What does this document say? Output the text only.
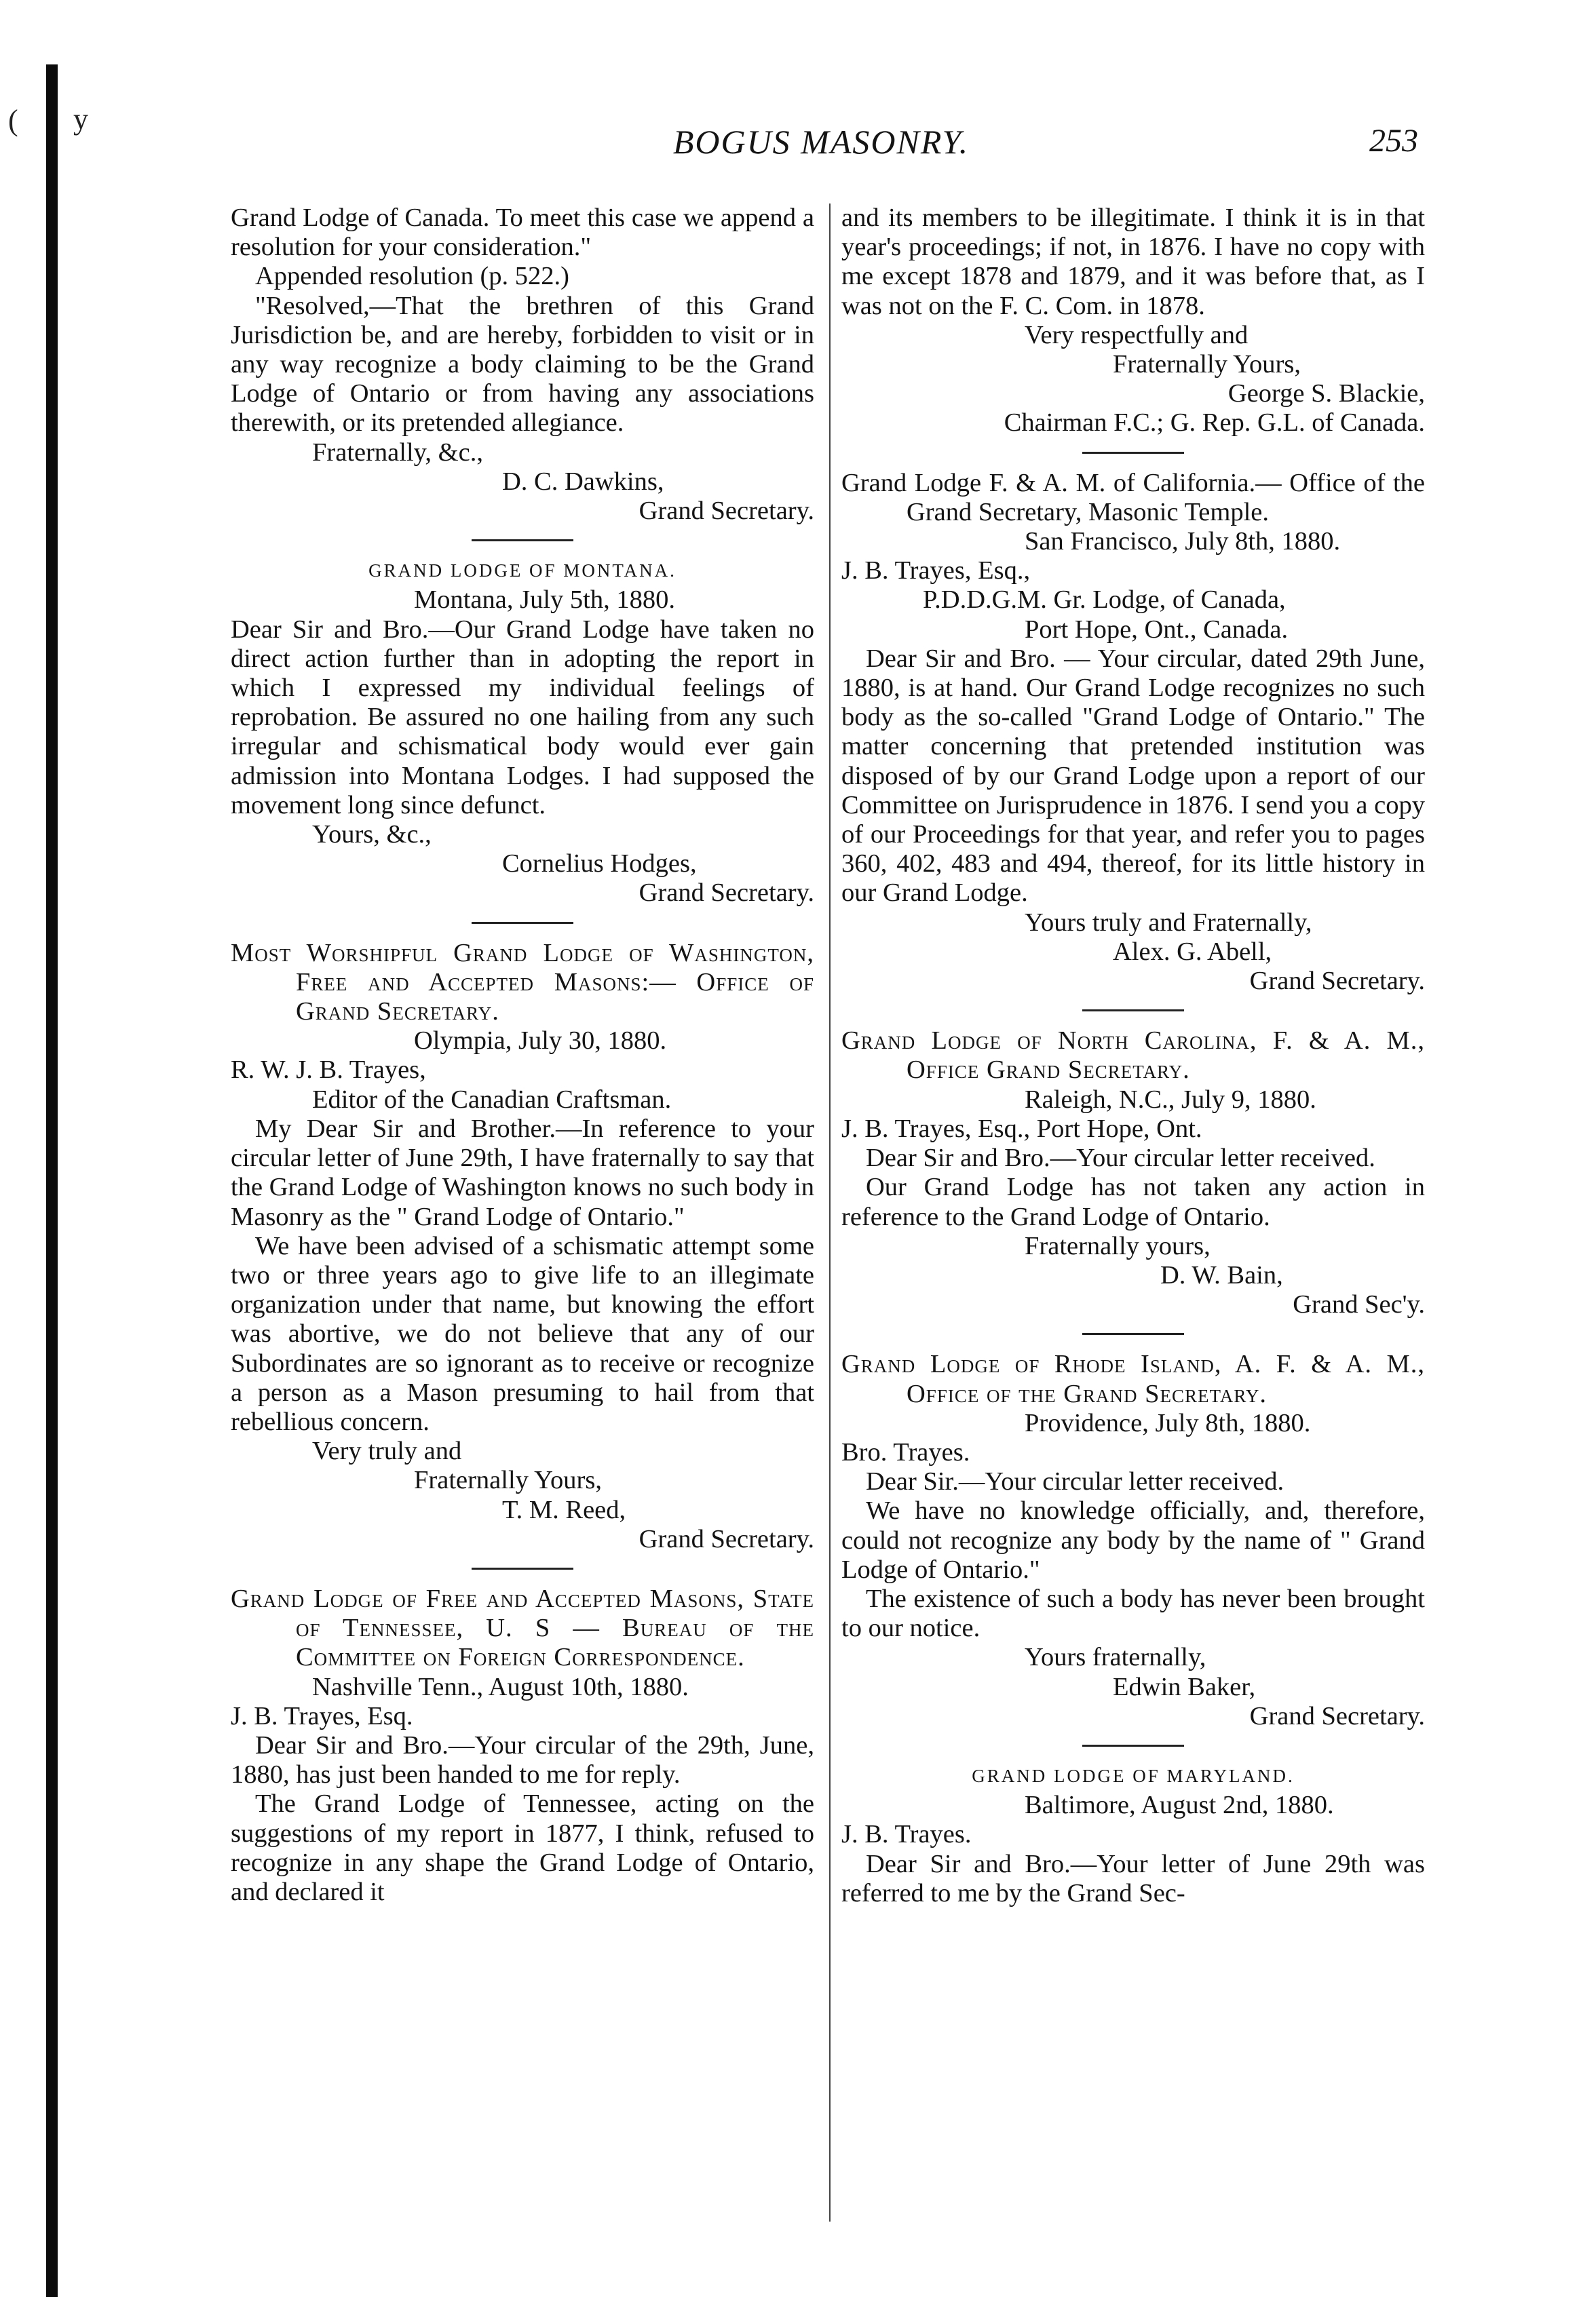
( y
BOGUS MASONRY.	253
Grand Lodge of Canada. To meet this case we append a resolution for your consideration."
Appended resolution (p. 522.)
"Resolved,—That the brethren of this Grand Jurisdiction be, and are hereby, forbidden to visit or in any way recognize a body claiming to be the Grand Lodge of Ontario or from having any associations therewith, or its pretended allegiance.
Fraternally, &c.,
D. C. Dawkins,
Grand Secretary.
GRAND LODGE OF MONTANA.
Montana, July 5th, 1880.
Dear Sir and Bro.—Our Grand Lodge have taken no direct action further than in adopting the report in which I expressed my individual feelings of reprobation. Be assured no one hailing from any such irregular and schismatical body would ever gain admission into Montana Lodges. I had supposed the movement long since defunct.
Yours, &c.,
Cornelius Hodges,
Grand Secretary.
Most Worshipful Grand Lodge of Washington, Free and Accepted Masons:— Office of Grand Secretary.
Olympia, July 30, 1880.
R. W. J. B. Trayes,
Editor of the Canadian Craftsman.
My Dear Sir and Brother.—In reference to your circular letter of June 29th, I have fraternally to say that the Grand Lodge of Washington knows no such body in Masonry as the " Grand Lodge of Ontario."
We have been advised of a schismatic attempt some two or three years ago to give life to an illegimate organization under that name, but knowing the effort was abortive, we do not believe that any of our Subordinates are so ignorant as to receive or recognize a person as a Mason presuming to hail from that rebellious concern.
Very truly and
Fraternally Yours,
T. M. Reed,
Grand Secretary.
Grand Lodge of Free and Accepted Masons, State of Tennessee, U. S — Bureau of the Committee on Foreign Correspondence.
Nashville Tenn., August 10th, 1880.
J. B. Trayes, Esq.
Dear Sir and Bro.—Your circular of the 29th, June, 1880, has just been handed to me for reply.
The Grand Lodge of Tennessee, acting on the suggestions of my report in 1877, I think, refused to recognize in any shape the Grand Lodge of Ontario, and declared it
and its members to be illegitimate. I think it is in that year's proceedings; if not, in 1876. I have no copy with me except 1878 and 1879, and it was before that, as I was not on the F. C. Com. in 1878.
Very respectfully and
Fraternally Yours,
George S. Blackie,
Chairman F.C.; G. Rep. G.L. of Canada.
Grand Lodge F. & A. M. of California.— Office of the Grand Secretary, Masonic Temple.
San Francisco, July 8th, 1880.
J. B. Trayes, Esq.,
P.D.D.G.M. Gr. Lodge, of Canada,
Port Hope, Ont., Canada.
Dear Sir and Bro. — Your circular, dated 29th June, 1880, is at hand. Our Grand Lodge recognizes no such body as the so-called "Grand Lodge of Ontario." The matter concerning that pretended institution was disposed of by our Grand Lodge upon a report of our Committee on Jurisprudence in 1876. I send you a copy of our Proceedings for that year, and refer you to pages 360, 402, 483 and 494, thereof, for its little history in our Grand Lodge.
Yours truly and Fraternally,
Alex. G. Abell,
Grand Secretary.
Grand Lodge of North Carolina, F. & A. M., Office Grand Secretary.
Raleigh, N.C., July 9, 1880.
J. B. Trayes, Esq., Port Hope, Ont.
Dear Sir and Bro.—Your circular letter received.
Our Grand Lodge has not taken any action in reference to the Grand Lodge of Ontario.
Fraternally yours,
D. W. Bain,
Grand Sec'y.
Grand Lodge of Rhode Island, A. F. & A. M., Office of the Grand Secretary.
Providence, July 8th, 1880.
Bro. Trayes.
Dear Sir.—Your circular letter received.
We have no knowledge officially, and, therefore, could not recognize any body by the name of " Grand Lodge of Ontario."
The existence of such a body has never been brought to our notice.
Yours fraternally,
Edwin Baker,
Grand Secretary.
GRAND LODGE OF MARYLAND.
Baltimore, August 2nd, 1880.
J. B. Trayes.
Dear Sir and Bro.—Your letter of June 29th was referred to me by the Grand Sec-
